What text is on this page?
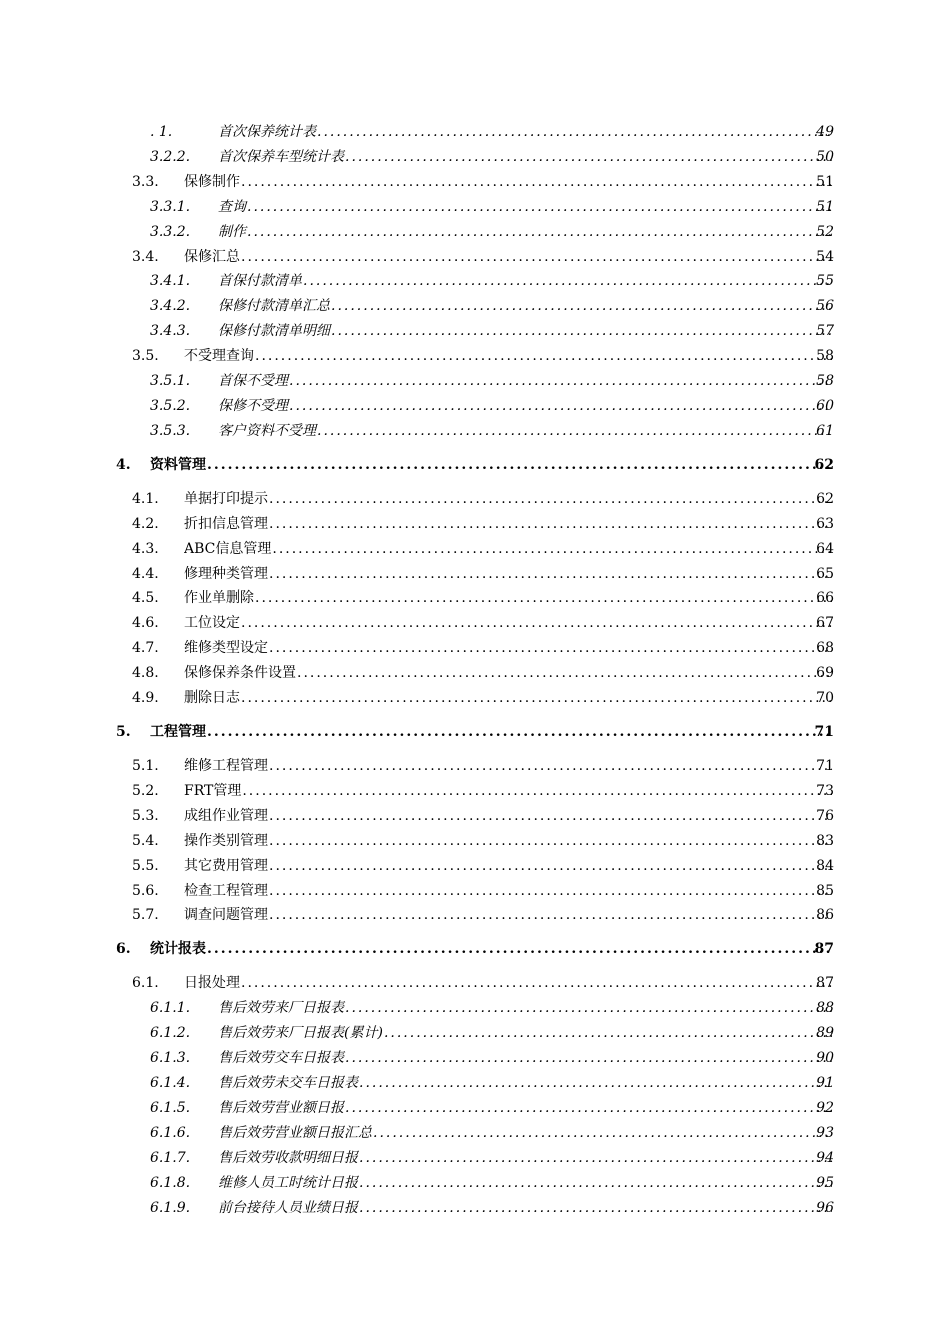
. 1.	首次保养统计表 .....	49
3.2.2. 首次保养车型统计表 .....	50
3.3. 保修制作 .....	51
3.3.1. 查询 .....	51
3.3.2. 制作 .....	52
3.4. 保修汇总 .....	54
3.4.1. 首保付款清单 .....	55
3.4.2. 保修付款清单汇总 .....	56
3.4.3. 保修付款清单明细 .....	57
3.5. 不受理查询 .....	58
3.5.1. 首保不受理 .....	58
3.5.2. 保修不受理 .....	60
3.5.3. 客户资料不受理 .....	61
4. 资料管理 .....	62
4.1. 单据打印提示 .....	62
4.2. 折扣信息管理 .....	63
4.3. ABC信息管理 .....	64
4.4. 修理种类管理 .....	65
4.5. 作业单删除 .....	66
4.6. 工位设定 .....	67
4.7. 维修类型设定 .....	68
4.8. 保修保养条件设置 .....	69
4.9. 删除日志 .....	70
5. 工程管理 .....	71
5.1. 维修工程管理 .....	71
5.2. FRT管理 .....	73
5.3. 成组作业管理 .....	76
5.4. 操作类别管理 .....	83
5.5. 其它费用管理 .....	84
5.6. 检查工程管理 .....	85
5.7. 调查问题管理 .....	86
6. 统计报表 .....	87
6.1. 日报处理 .....	87
6.1.1. 售后效劳来厂日报表 .....	88
6.1.2. 售后效劳来厂日报表(累计) .....	89
6.1.3. 售后效劳交车日报表 .....	90
6.1.4. 售后效劳未交车日报表 .....	91
6.1.5. 售后效劳营业额日报 .....	92
6.1.6. 售后效劳营业额日报汇总 .....	93
6.1.7. 售后效劳收款明细日报 .....	94
6.1.8. 维修人员工时统计日报 .....	95
6.1.9. 前台接待人员业绩日报 .....	96
